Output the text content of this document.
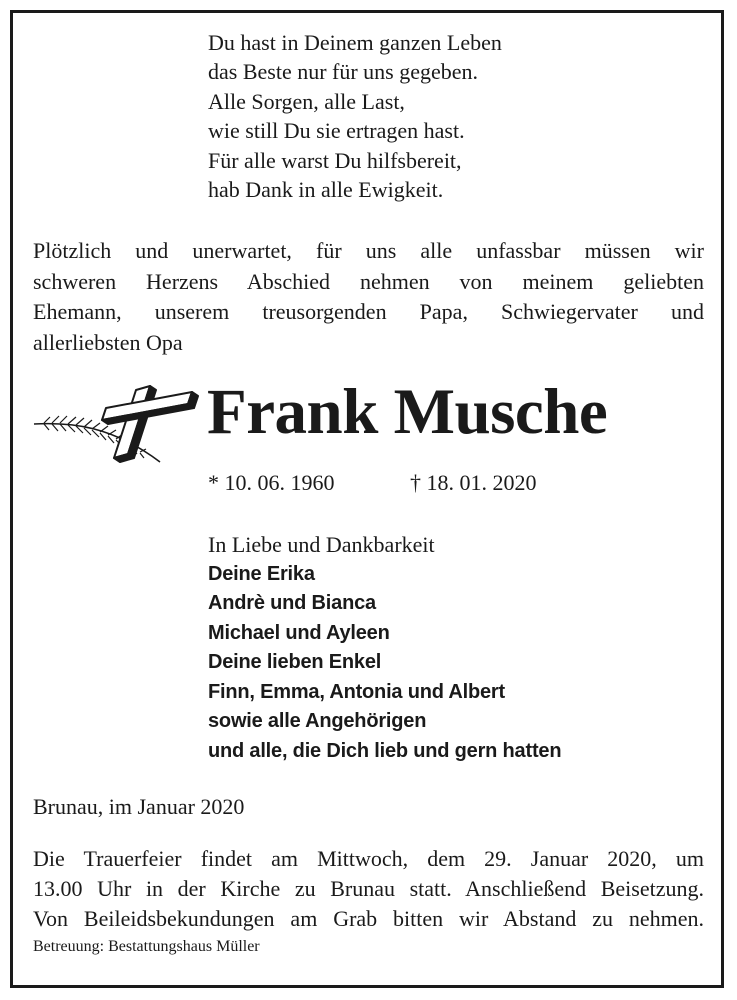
Du hast in Deinem ganzen Leben
das Beste nur für uns gegeben.
Alle Sorgen, alle Last,
wie still Du sie ertragen hast.
Für alle warst Du hilfsbereit,
hab Dank in alle Ewigkeit.
Plötzlich und unerwartet, für uns alle unfassbar müssen wir
schweren Herzens Abschied nehmen von meinem geliebten
Ehemann, unserem treusorgenden Papa, Schwiegervater und
allerliebsten Opa
Frank Musche
* 10. 06. 1960	† 18. 01. 2020
In Liebe und Dankbarkeit
Deine Erika
Andrè und Bianca
Michael und Ayleen
Deine lieben Enkel
Finn, Emma, Antonia und Albert
sowie alle Angehörigen
und alle, die Dich lieb und gern hatten
Brunau, im Januar 2020
Die Trauerfeier findet am Mittwoch, dem 29. Januar 2020, um
13.00 Uhr in der Kirche zu Brunau statt. Anschließend Beisetzung.
Von Beileidsbekundungen am Grab bitten wir Abstand zu nehmen.
Betreuung: Bestattungshaus Müller
